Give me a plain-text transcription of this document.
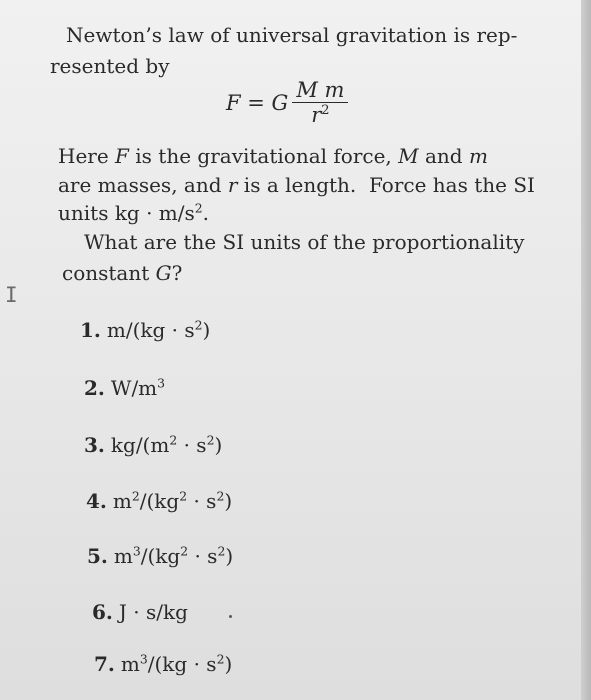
I
Newton’s law of universal gravitation is rep-
resented by
F = G $\frac{\text{M m}}{r^2}$
Here F is the gravitational force, M and m
are masses, and r is a length.  Force has the SI
units kg · $m/s^2$.
What are the SI units of the proportionality
constant G?
1. $m/(kg \cdot s^2)$
2. $W/m^3$
3. $kg/(m^2 \cdot s^2)$
4. $m^2/(kg^2 \cdot s^2)$
5. $m^3/(kg^2 \cdot s^2)$
6. J · s/kg
7. $m^3/(kg \cdot s^2)$
